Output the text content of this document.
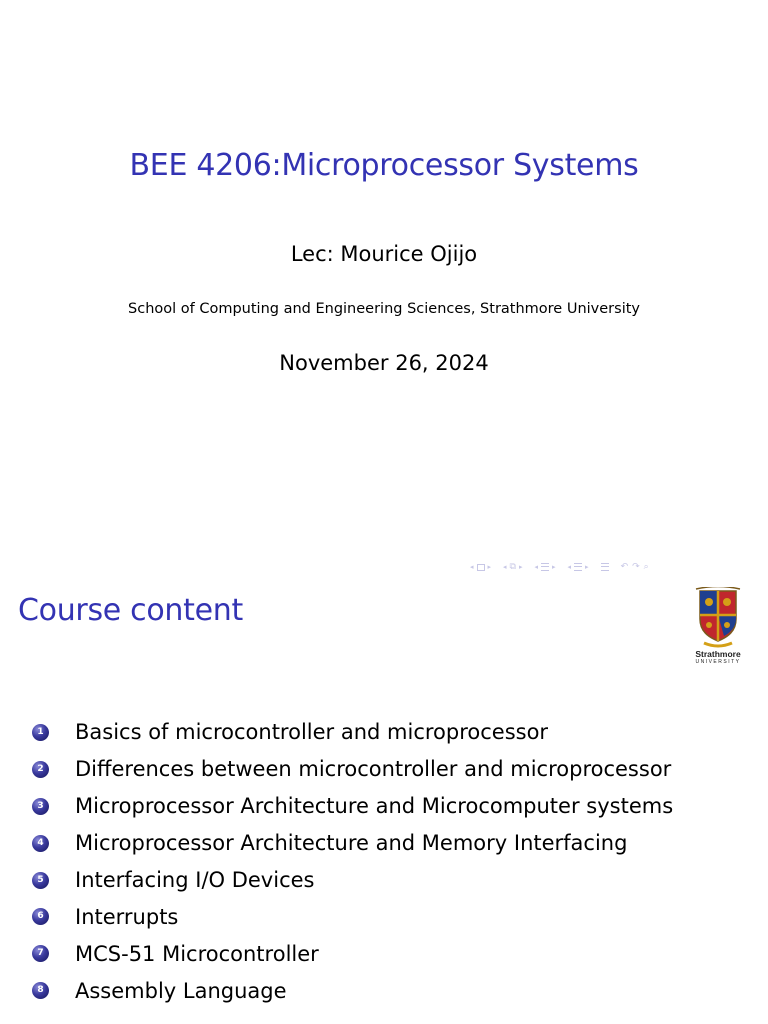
BEE 4206:Microprocessor Systems
Lec: Mourice Ojijo
School of Computing and Engineering Sciences, Strathmore University
November 26, 2024
◂ ▸ ◂ ⧉ ▸ ◂ ▸ ◂ ▸	↶ ↷ ⌕
Course content
Strathmore
UNIVERSITY
1 Basics of microcontroller and microprocessor
2 Differences between microcontroller and microprocessor
3 Microprocessor Architecture and Microcomputer systems
4 Microprocessor Architecture and Memory Interfacing
5 Interfacing I/O Devices
6 Interrupts
7 MCS-51 Microcontroller
8 Assembly Language
